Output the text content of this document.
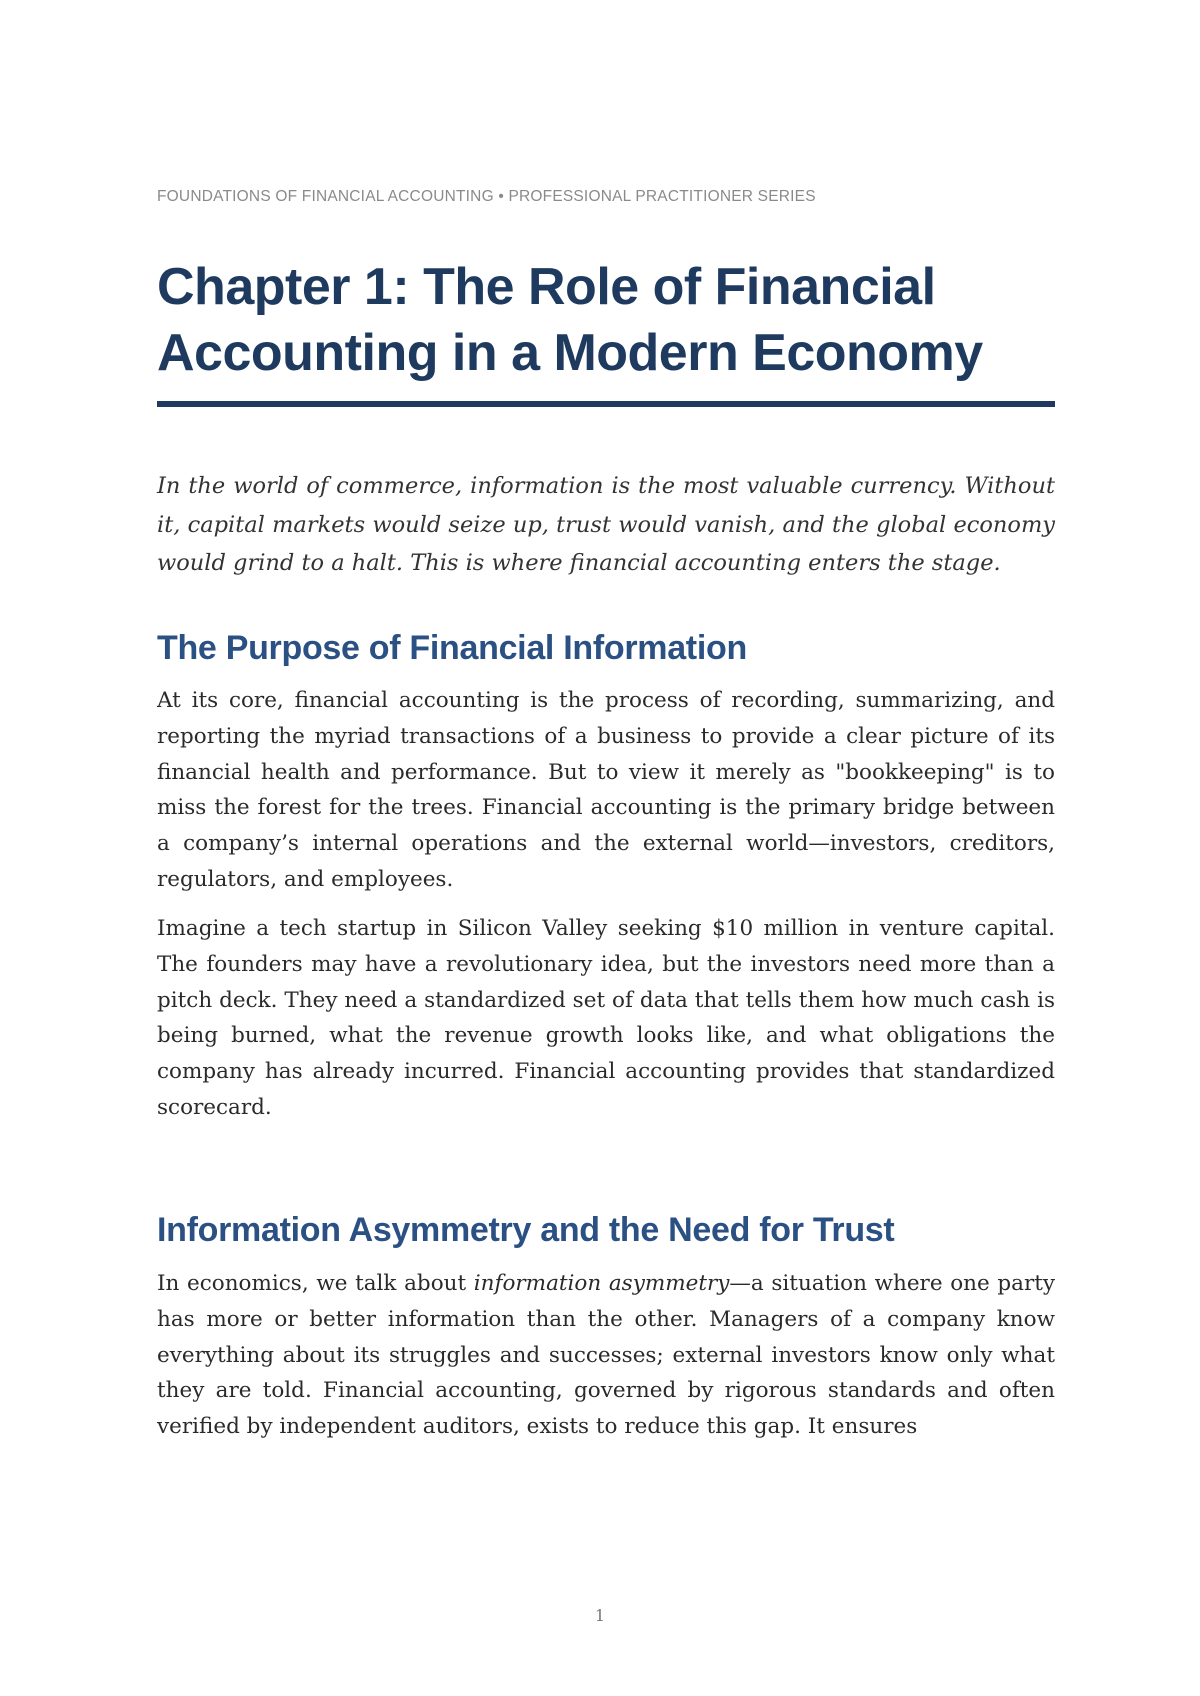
FOUNDATIONS OF FINANCIAL ACCOUNTING • PROFESSIONAL PRACTITIONER SERIES
Chapter 1: The Role of Financial Accounting in a Modern Economy

In the world of commerce, information is the most valuable currency. Without it, capital markets would seize up, trust would vanish, and the global economy would grind to a halt. This is where financial accounting enters the stage.

The Purpose of Financial Information

At its core, financial accounting is the process of recording, summarizing, and reporting the myriad transactions of a business to provide a clear picture of its financial health and performance. But to view it merely as "bookkeeping" is to miss the forest for the trees. Financial accounting is the primary bridge between a company’s internal operations and the external world—investors, creditors, regulators, and employees.

Imagine a tech startup in Silicon Valley seeking $10 million in venture capital. The founders may have a revolutionary idea, but the investors need more than a pitch deck. They need a standardized set of data that tells them how much cash is being burned, what the revenue growth looks like, and what obligations the company has already incurred. Financial accounting provides that standardized scorecard.

Information Asymmetry and the Need for Trust

In economics, we talk about information asymmetry—a situation where one party has more or better information than the other. Managers of a company know everything about its struggles and successes; external investors know only what they are told. Financial accounting, governed by rigorous standards and often verified by independent auditors, exists to reduce this gap. It ensures

1
